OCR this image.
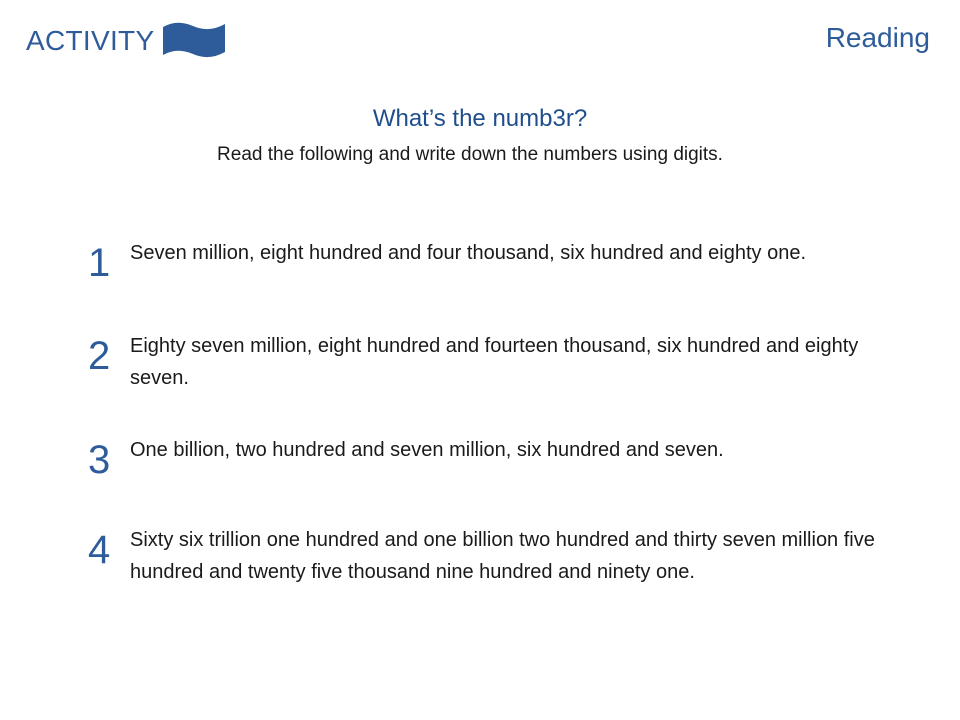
ACTIVITY	Reading
What’s the numb3r?
Read the following and write down the numbers using digits.
1 Seven million, eight hundred and four thousand, six hundred and eighty one.
2 Eighty seven million, eight hundred and fourteen thousand, six hundred and eighty seven.
3 One billion, two hundred and seven million, six hundred and seven.
4 Sixty six trillion one hundred and one billion two hundred and thirty seven million five hundred and twenty five thousand nine hundred and ninety one.
